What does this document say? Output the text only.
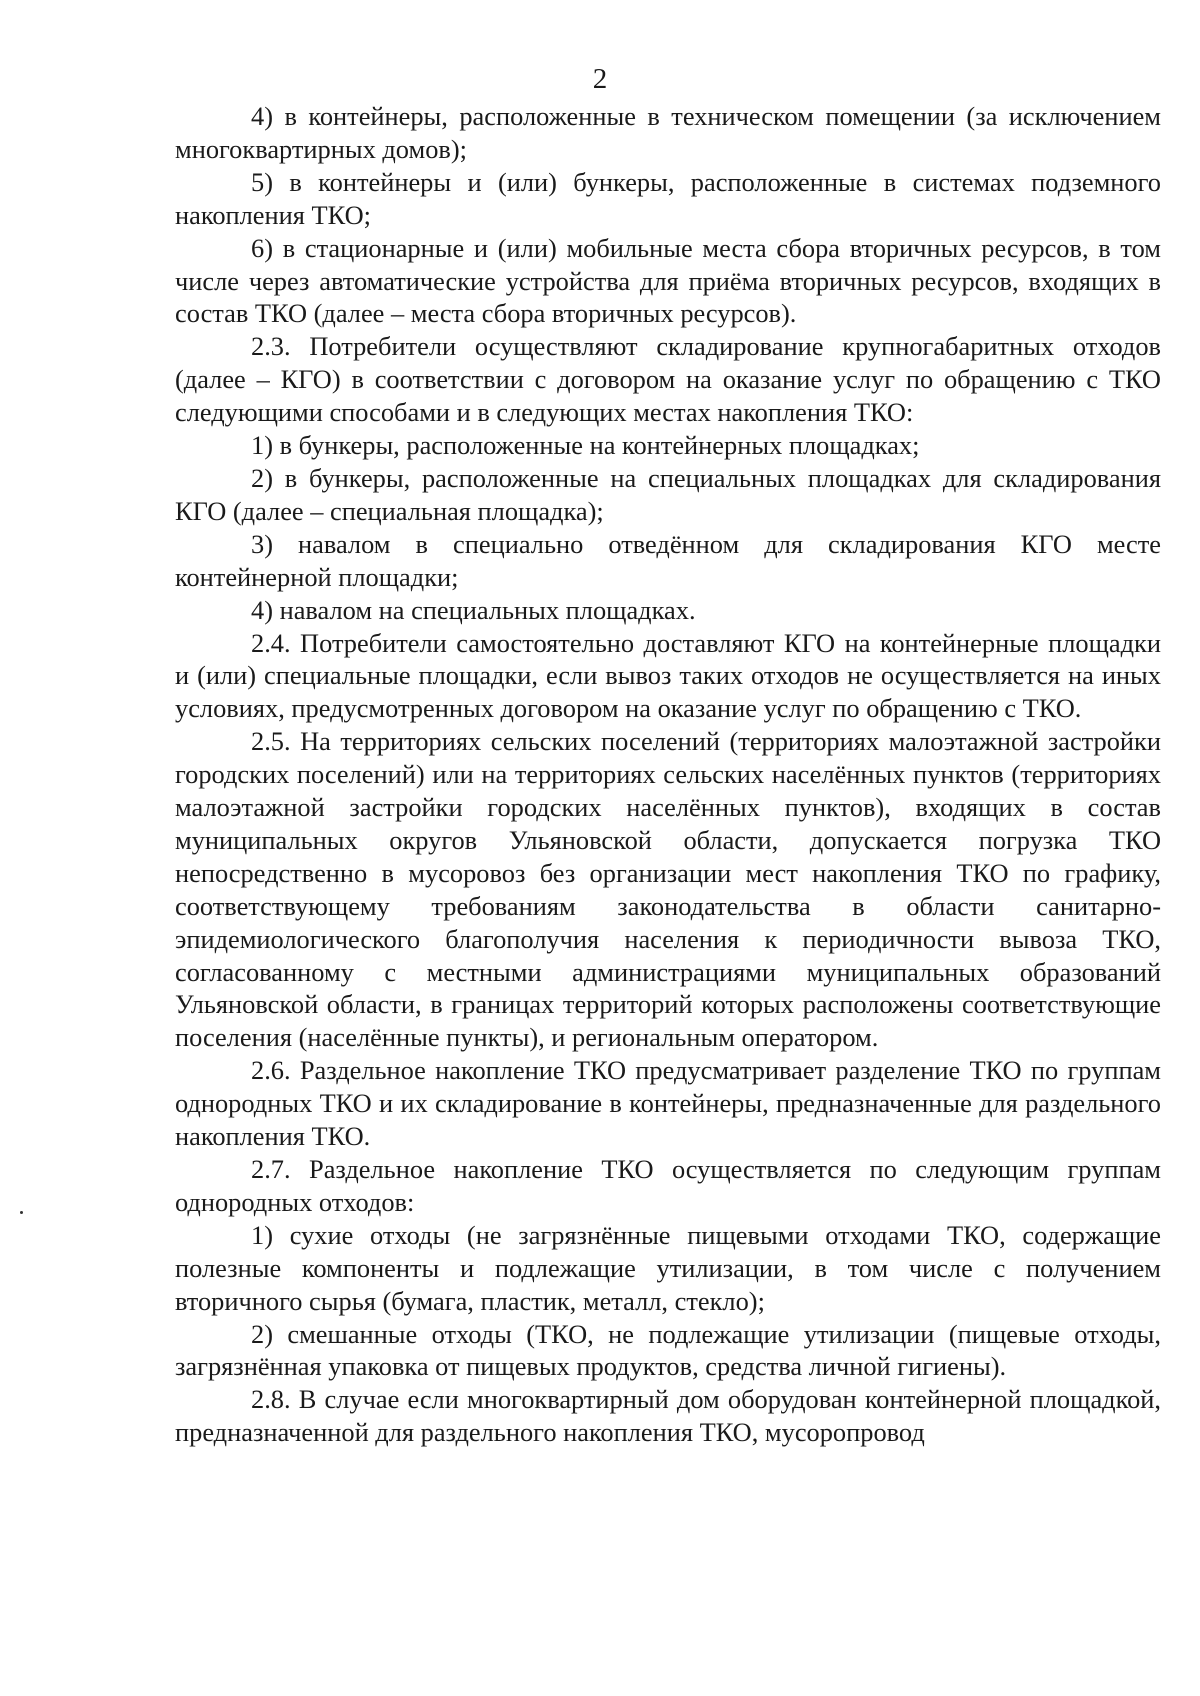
2

4) в контейнеры, расположенные в техническом помещении (за исключением многоквартирных домов);

5) в контейнеры и (или) бункеры, расположенные в системах подземного накопления ТКО;

6) в стационарные и (или) мобильные места сбора вторичных ресурсов, в том числе через автоматические устройства для приёма вторичных ресурсов, входящих в состав ТКО (далее – места сбора вторичных ресурсов).

2.3. Потребители осуществляют складирование крупногабаритных отходов (далее – КГО) в соответствии с договором на оказание услуг по обращению с ТКО следующими способами и в следующих местах накопления ТКО:

1) в бункеры, расположенные на контейнерных площадках;

2) в бункеры, расположенные на специальных площадках для складирования КГО (далее – специальная площадка);

3) навалом в специально отведённом для складирования КГО месте контейнерной площадки;

4) навалом на специальных площадках.

2.4. Потребители самостоятельно доставляют КГО на контейнерные площадки и (или) специальные площадки, если вывоз таких отходов не осуществляется на иных условиях, предусмотренных договором на оказание услуг по обращению с ТКО.

2.5. На территориях сельских поселений (территориях малоэтажной застройки городских поселений) или на территориях сельских населённых пунктов (территориях малоэтажной застройки городских населённых пунктов), входящих в состав муниципальных округов Ульяновской области, допускается погрузка ТКО непосредственно в мусоровоз без организации мест накопления ТКО по графику, соответствующему требованиям законодательства в области санитарно-эпидемиологического благополучия населения к периодичности вывоза ТКО, согласованному с местными администрациями муниципальных образований Ульяновской области, в границах территорий которых расположены соответствующие поселения (населённые пункты), и региональным оператором.

2.6. Раздельное накопление ТКО предусматривает разделение ТКО по группам однородных ТКО и их складирование в контейнеры, предназначенные для раздельного накопления ТКО.

2.7. Раздельное накопление ТКО осуществляется по следующим группам однородных отходов:

1) сухие отходы (не загрязнённые пищевыми отходами ТКО, содержащие полезные компоненты и подлежащие утилизации, в том числе с получением вторичного сырья (бумага, пластик, металл, стекло);

2) смешанные отходы (ТКО, не подлежащие утилизации (пищевые отходы, загрязнённая упаковка от пищевых продуктов, средства личной гигиены).

2.8. В случае если многоквартирный дом оборудован контейнерной площадкой, предназначенной для раздельного накопления ТКО, мусоропровод
